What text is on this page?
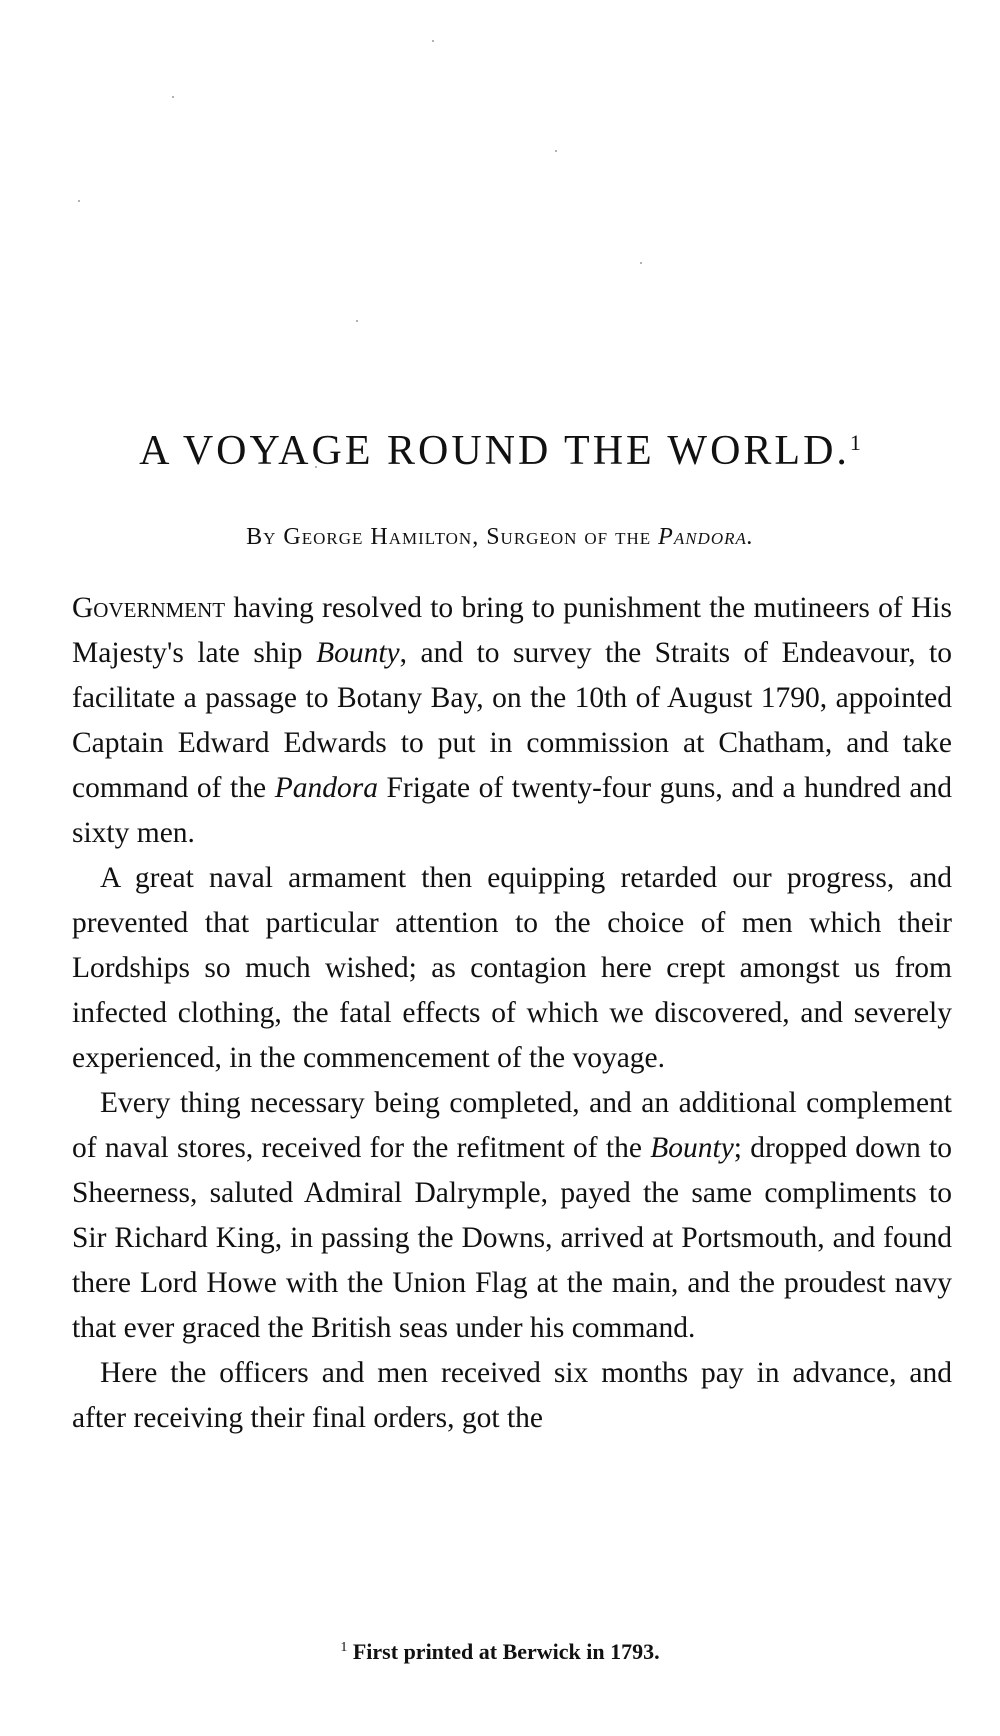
A VOYAGE ROUND THE WORLD.$^1$
By George Hamilton, Surgeon of the Pandora.

Government having resolved to bring to punishment the mutineers of His Majesty's late ship Bounty, and to survey the Straits of Endeavour, to facilitate a passage to Botany Bay, on the 10th of August 1790, appointed Captain Edward Edwards to put in commission at Chatham, and take command of the Pandora Frigate of twenty-four guns, and a hundred and sixty men.

A great naval armament then equipping retarded our progress, and prevented that particular attention to the choice of men which their Lordships so much wished; as contagion here crept amongst us from infected clothing, the fatal effects of which we discovered, and severely experienced, in the commencement of the voyage.

Every thing necessary being completed, and an additional complement of naval stores, received for the refitment of the Bounty; dropped down to Sheerness, saluted Admiral Dalrymple, payed the same compliments to Sir Richard King, in passing the Downs, arrived at Portsmouth, and found there Lord Howe with the Union Flag at the main, and the proudest navy that ever graced the British seas under his command.

Here the officers and men received six months pay in advance, and after receiving their final orders, got the

$^1$ First printed at Berwick in 1793.
